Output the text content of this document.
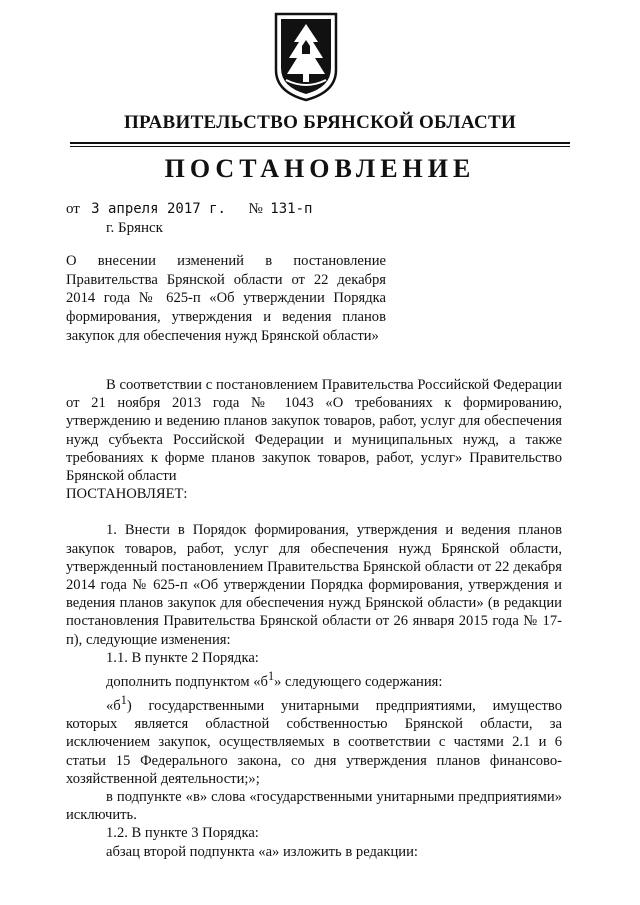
ПРАВИТЕЛЬСТВО БРЯНСКОЙ ОБЛАСТИ
ПОСТАНОВЛЕНИЕ
от 3 апреля 2017 г. № 131-п
г. Брянск

О внесении изменений в постановление Правительства Брянской области от 22 декабря 2014 года № 625-п «Об утверждении Порядка формирования, утверждения и ведения планов закупок для обеспечения нужд Брянской области»

В соответствии с постановлением Правительства Российской Федерации от 21 ноября 2013 года № 1043 «О требованиях к формированию, утверждению и ведению планов закупок товаров, работ, услуг для обеспечения нужд субъекта Российской Федерации и муниципальных нужд, а также требованиях к форме планов закупок товаров, работ, услуг» Правительство Брянской области

ПОСТАНОВЛЯЕТ:

1. Внести в Порядок формирования, утверждения и ведения планов закупок товаров, работ, услуг для обеспечения нужд Брянской области, утвержденный постановлением Правительства Брянской области от 22 декабря 2014 года № 625-п «Об утверждении Порядка формирования, утверждения и ведения планов закупок для обеспечения нужд Брянской области» (в редакции постановления Правительства Брянской области от 26 января 2015 года № 17-п), следующие изменения:

1.1. В пункте 2 Порядка:

дополнить подпунктом «$б^1$» следующего содержания:

«$б^1$) государственными унитарными предприятиями, имущество которых является областной собственностью Брянской области, за исключением закупок, осуществляемых в соответствии с частями 2.1 и 6 статьи 15 Федерального закона, со дня утверждения планов финансово-хозяйственной деятельности;»;

в подпункте «в» слова «государственными унитарными предприятиями» исключить.

1.2. В пункте 3 Порядка:

абзац второй подпункта «а» изложить в редакции:
